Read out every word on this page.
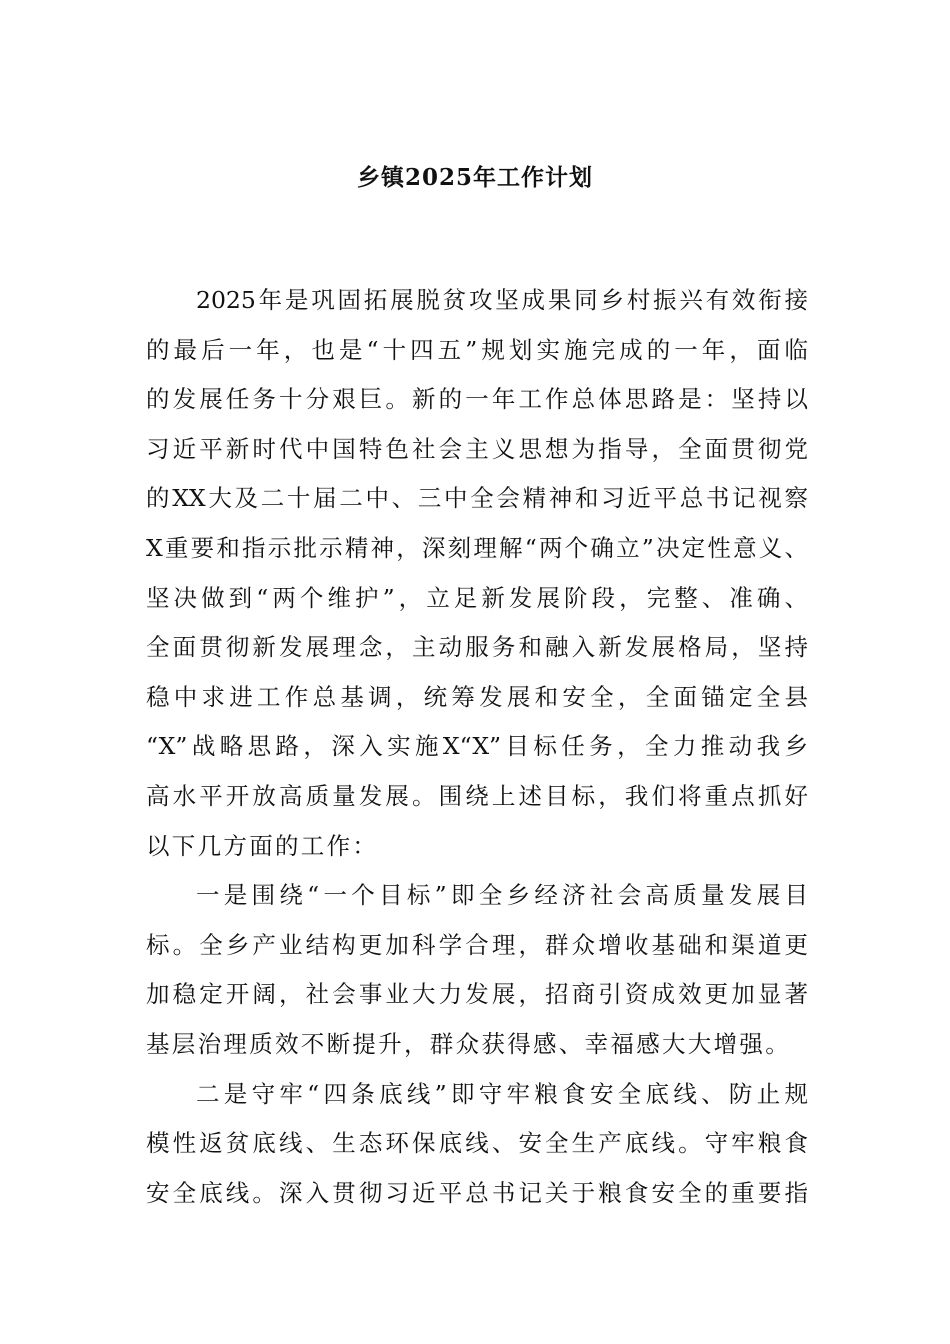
乡镇2025年工作计划
2025年是巩固拓展脱贫攻坚成果同乡村振兴有效衔接
的最后一年，也是“十四五”规划实施完成的一年，面临
的发展任务十分艰巨。新的一年工作总体思路是：坚持以
习近平新时代中国特色社会主义思想为指导，全面贯彻党
的XX大及二十届二中、三中全会精神和习近平总书记视察
X重要和指示批示精神，深刻理解“两个确立”决定性意义、
坚决做到“两个维护”，立足新发展阶段，完整、准确、
全面贯彻新发展理念，主动服务和融入新发展格局，坚持
稳中求进工作总基调，统筹发展和安全，全面锚定全县
“X”战略思路，深入实施X“X”目标任务，全力推动我乡
高水平开放高质量发展。围绕上述目标，我们将重点抓好
以下几方面的工作：
一是围绕“一个目标”即全乡经济社会高质量发展目
标。全乡产业结构更加科学合理，群众增收基础和渠道更
加稳定开阔，社会事业大力发展，招商引资成效更加显著
基层治理质效不断提升，群众获得感、幸福感大大增强。
二是守牢“四条底线”即守牢粮食安全底线、防止规
模性返贫底线、生态环保底线、安全生产底线。守牢粮食
安全底线。深入贯彻习近平总书记关于粮食安全的重要指
